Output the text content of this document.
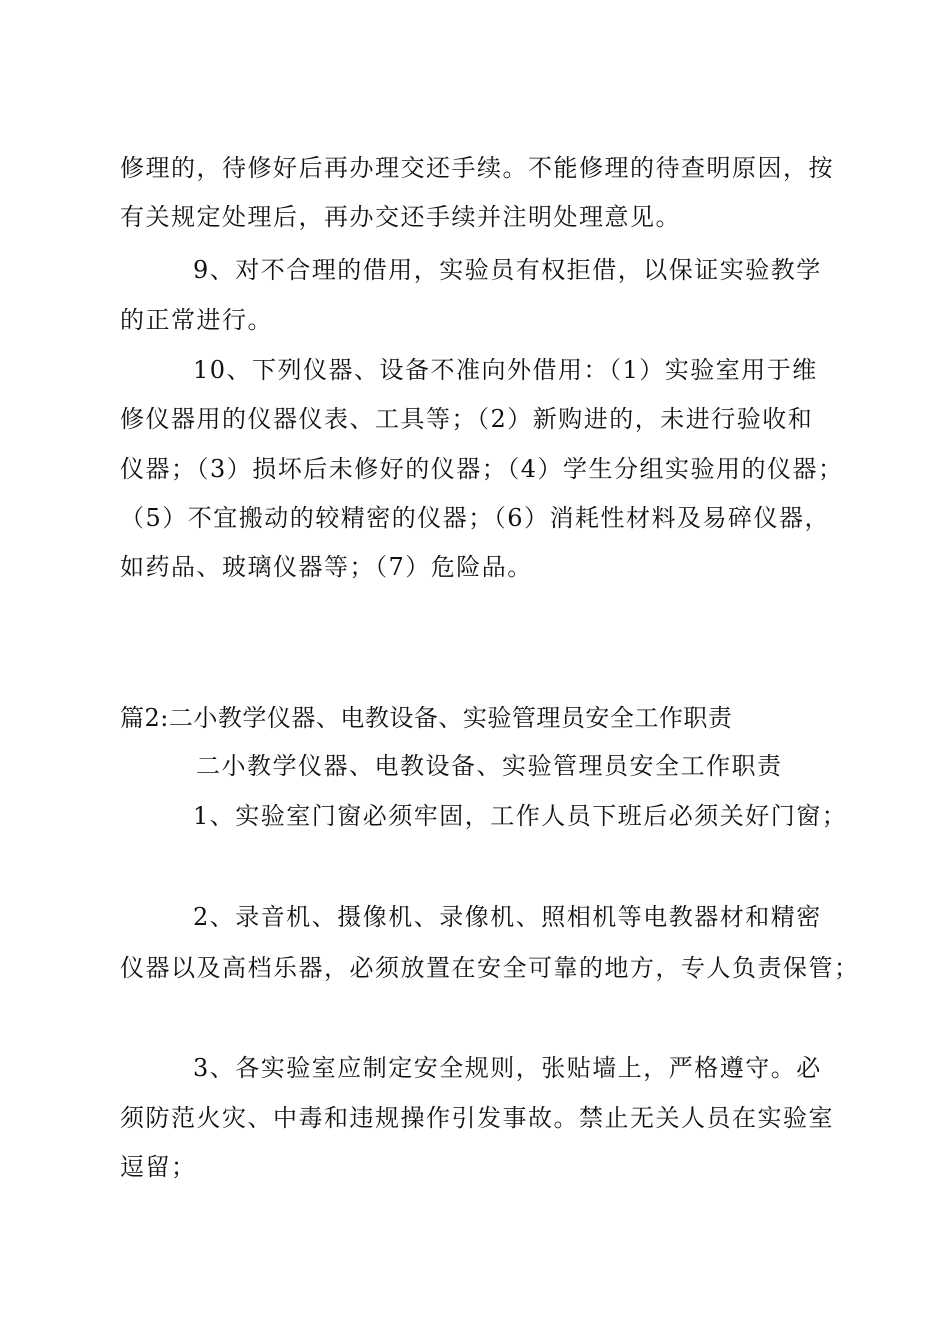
修理的，待修好后再办理交还手续。不能修理的待查明原因，按
有关规定处理后，再办交还手续并注明处理意见。
9、对不合理的借用，实验员有权拒借，以保证实验教学
的正常进行。
10、下列仪器、设备不准向外借用：（1）实验室用于维
修仪器用的仪器仪表、工具等；（2）新购进的，未进行验收和
仪器；（3）损坏后未修好的仪器；（4）学生分组实验用的仪器；
（5）不宜搬动的较精密的仪器；（6）消耗性材料及易碎仪器，
如药品、玻璃仪器等；（7）危险品。
篇2:二小教学仪器、电教设备、实验管理员安全工作职责
二小教学仪器、电教设备、实验管理员安全工作职责
1、实验室门窗必须牢固，工作人员下班后必须关好门窗；
2、录音机、摄像机、录像机、照相机等电教器材和精密
仪器以及高档乐器，必须放置在安全可靠的地方，专人负责保管；
3、各实验室应制定安全规则，张贴墙上，严格遵守。必
须防范火灾、中毒和违规操作引发事故。禁止无关人员在实验室
逗留；
